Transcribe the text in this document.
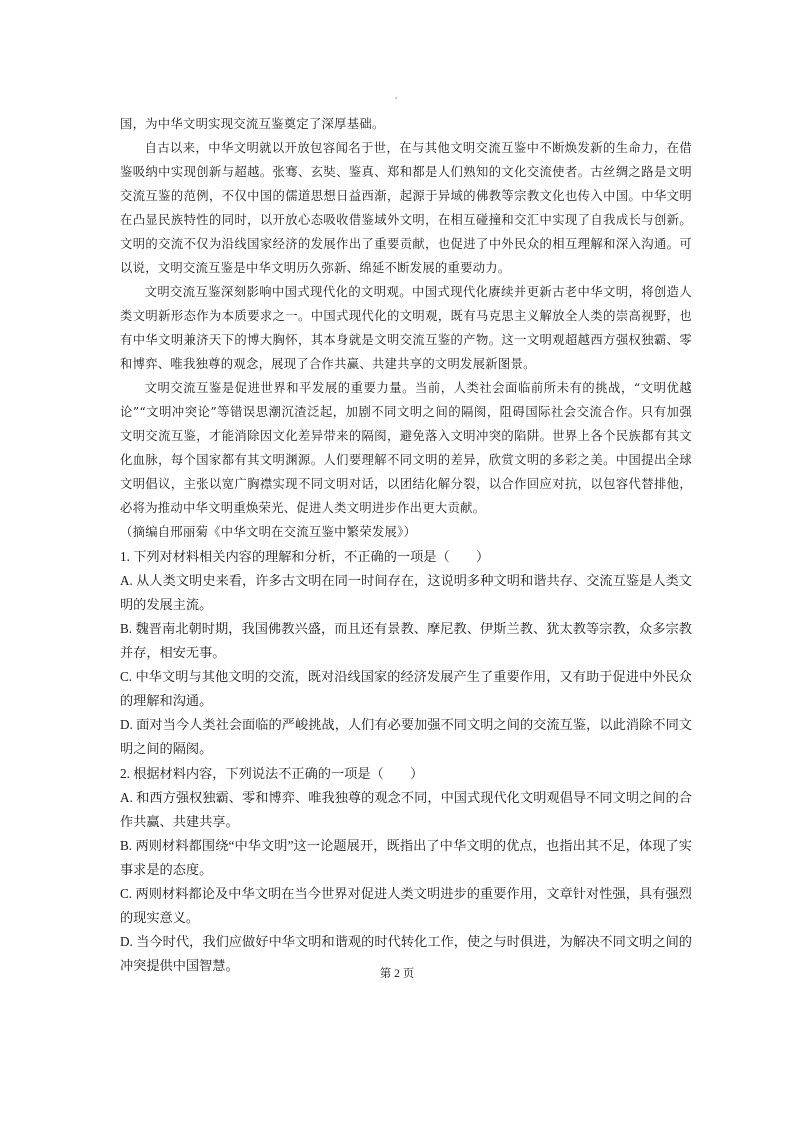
'

国，为中华文明实现交流互鉴奠定了深厚基础。

自古以来，中华文明就以开放包容闻名于世，在与其他文明交流互鉴中不断焕发新的生命力，在借鉴吸纳中实现创新与超越。张骞、玄奘、鉴真、郑和都是人们熟知的文化交流使者。古丝绸之路是文明交流互鉴的范例，不仅中国的儒道思想日益西渐，起源于异域的佛教等宗教文化也传入中国。中华文明在凸显民族特性的同时，以开放心态吸收借鉴域外文明，在相互碰撞和交汇中实现了自我成长与创新。文明的交流不仅为沿线国家经济的发展作出了重要贡献，也促进了中外民众的相互理解和深入沟通。可以说，文明交流互鉴是中华文明历久弥新、绵延不断发展的重要动力。

文明交流互鉴深刻影响中国式现代化的文明观。中国式现代化赓续并更新古老中华文明，将创造人类文明新形态作为本质要求之一。中国式现代化的文明观，既有马克思主义解放全人类的崇高视野，也有中华文明兼济天下的博大胸怀，其本身就是文明交流互鉴的产物。这一文明观超越西方强权独霸、零和博弈、唯我独尊的观念，展现了合作共赢、共建共享的文明发展新图景。

文明交流互鉴是促进世界和平发展的重要力量。当前，人类社会面临前所未有的挑战，“文明优越论”“文明冲突论”等错误思潮沉渣泛起，加剧不同文明之间的隔阂，阻碍国际社会交流合作。只有加强文明交流互鉴，才能消除因文化差异带来的隔阂，避免落入文明冲突的陷阱。世界上各个民族都有其文化血脉，每个国家都有其文明渊源。人们要理解不同文明的差异，欣赏文明的多彩之美。中国提出全球文明倡议，主张以宽广胸襟实现不同文明对话，以团结化解分裂，以合作回应对抗，以包容代替排他，必将为推动中华文明重焕荣光、促进人类文明进步作出更大贡献。

（摘编自邢丽菊《中华文明在交流互鉴中繁荣发展》）

1. 下列对材料相关内容的理解和分析，不正确的一项是（　　）

A. 从人类文明史来看，许多古文明在同一时间存在，这说明多种文明和谐共存、交流互鉴是人类文明的发展主流。

B. 魏晋南北朝时期，我国佛教兴盛，而且还有景教、摩尼教、伊斯兰教、犹太教等宗教，众多宗教并存，相安无事。

C. 中华文明与其他文明的交流，既对沿线国家的经济发展产生了重要作用，又有助于促进中外民众的理解和沟通。

D. 面对当今人类社会面临的严峻挑战，人们有必要加强不同文明之间的交流互鉴，以此消除不同文明之间的隔阂。

2. 根据材料内容，下列说法不正确的一项是（　　）

A. 和西方强权独霸、零和博弈、唯我独尊的观念不同，中国式现代化文明观倡导不同文明之间的合作共赢、共建共享。

B. 两则材料都围绕“中华文明”这一论题展开，既指出了中华文明的优点，也指出其不足，体现了实事求是的态度。

C. 两则材料都论及中华文明在当今世界对促进人类文明进步的重要作用，文章针对性强，具有强烈的现实意义。

D. 当今时代，我们应做好中华文明和谐观的时代转化工作，使之与时俱进，为解决不同文明之间的冲突提供中国智慧。

第 2 页
